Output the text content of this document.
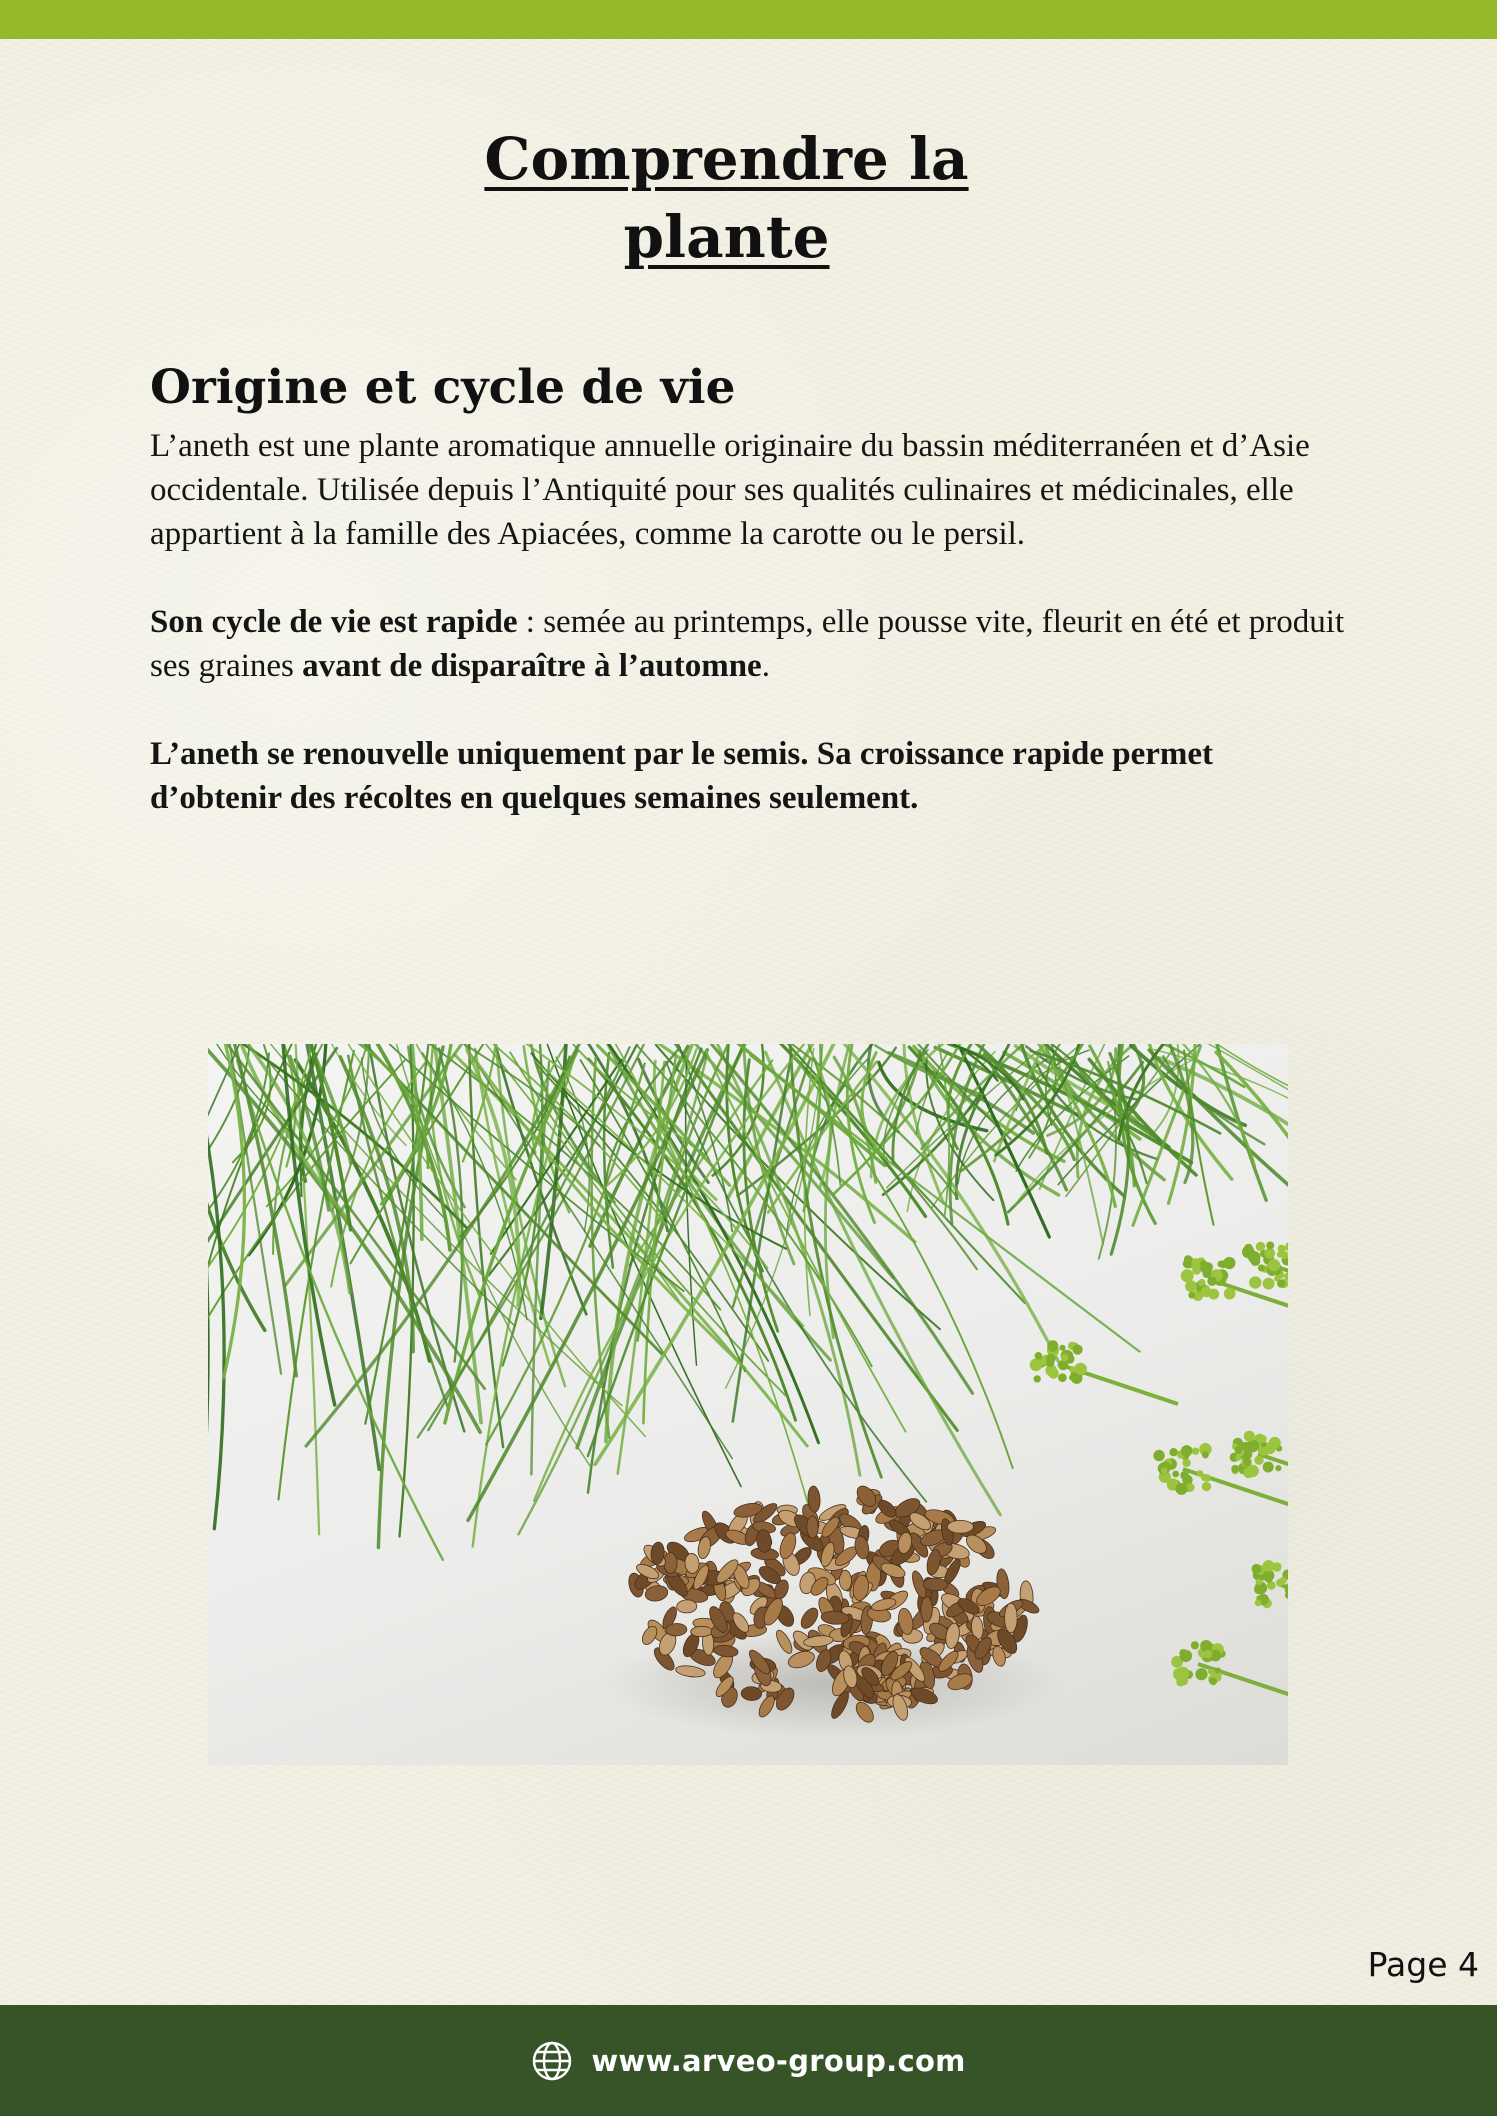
Comprendre la
plante
Origine et cycle de vie

L’aneth est une plante aromatique annuelle originaire du bassin méditerranéen et d’Asie occidentale. Utilisée depuis l’Antiquité pour ses qualités culinaires et médicinales, elle appartient à la famille des Apiacées, comme la carotte ou le persil.

Son cycle de vie est rapide : semée au printemps, elle pousse vite, fleurit en été et produit ses graines avant de disparaître à l’automne.

L’aneth se renouvelle uniquement par le semis. Sa croissance rapide permet d’obtenir des récoltes en quelques semaines seulement.

Page 4
www.arveo-group.com
